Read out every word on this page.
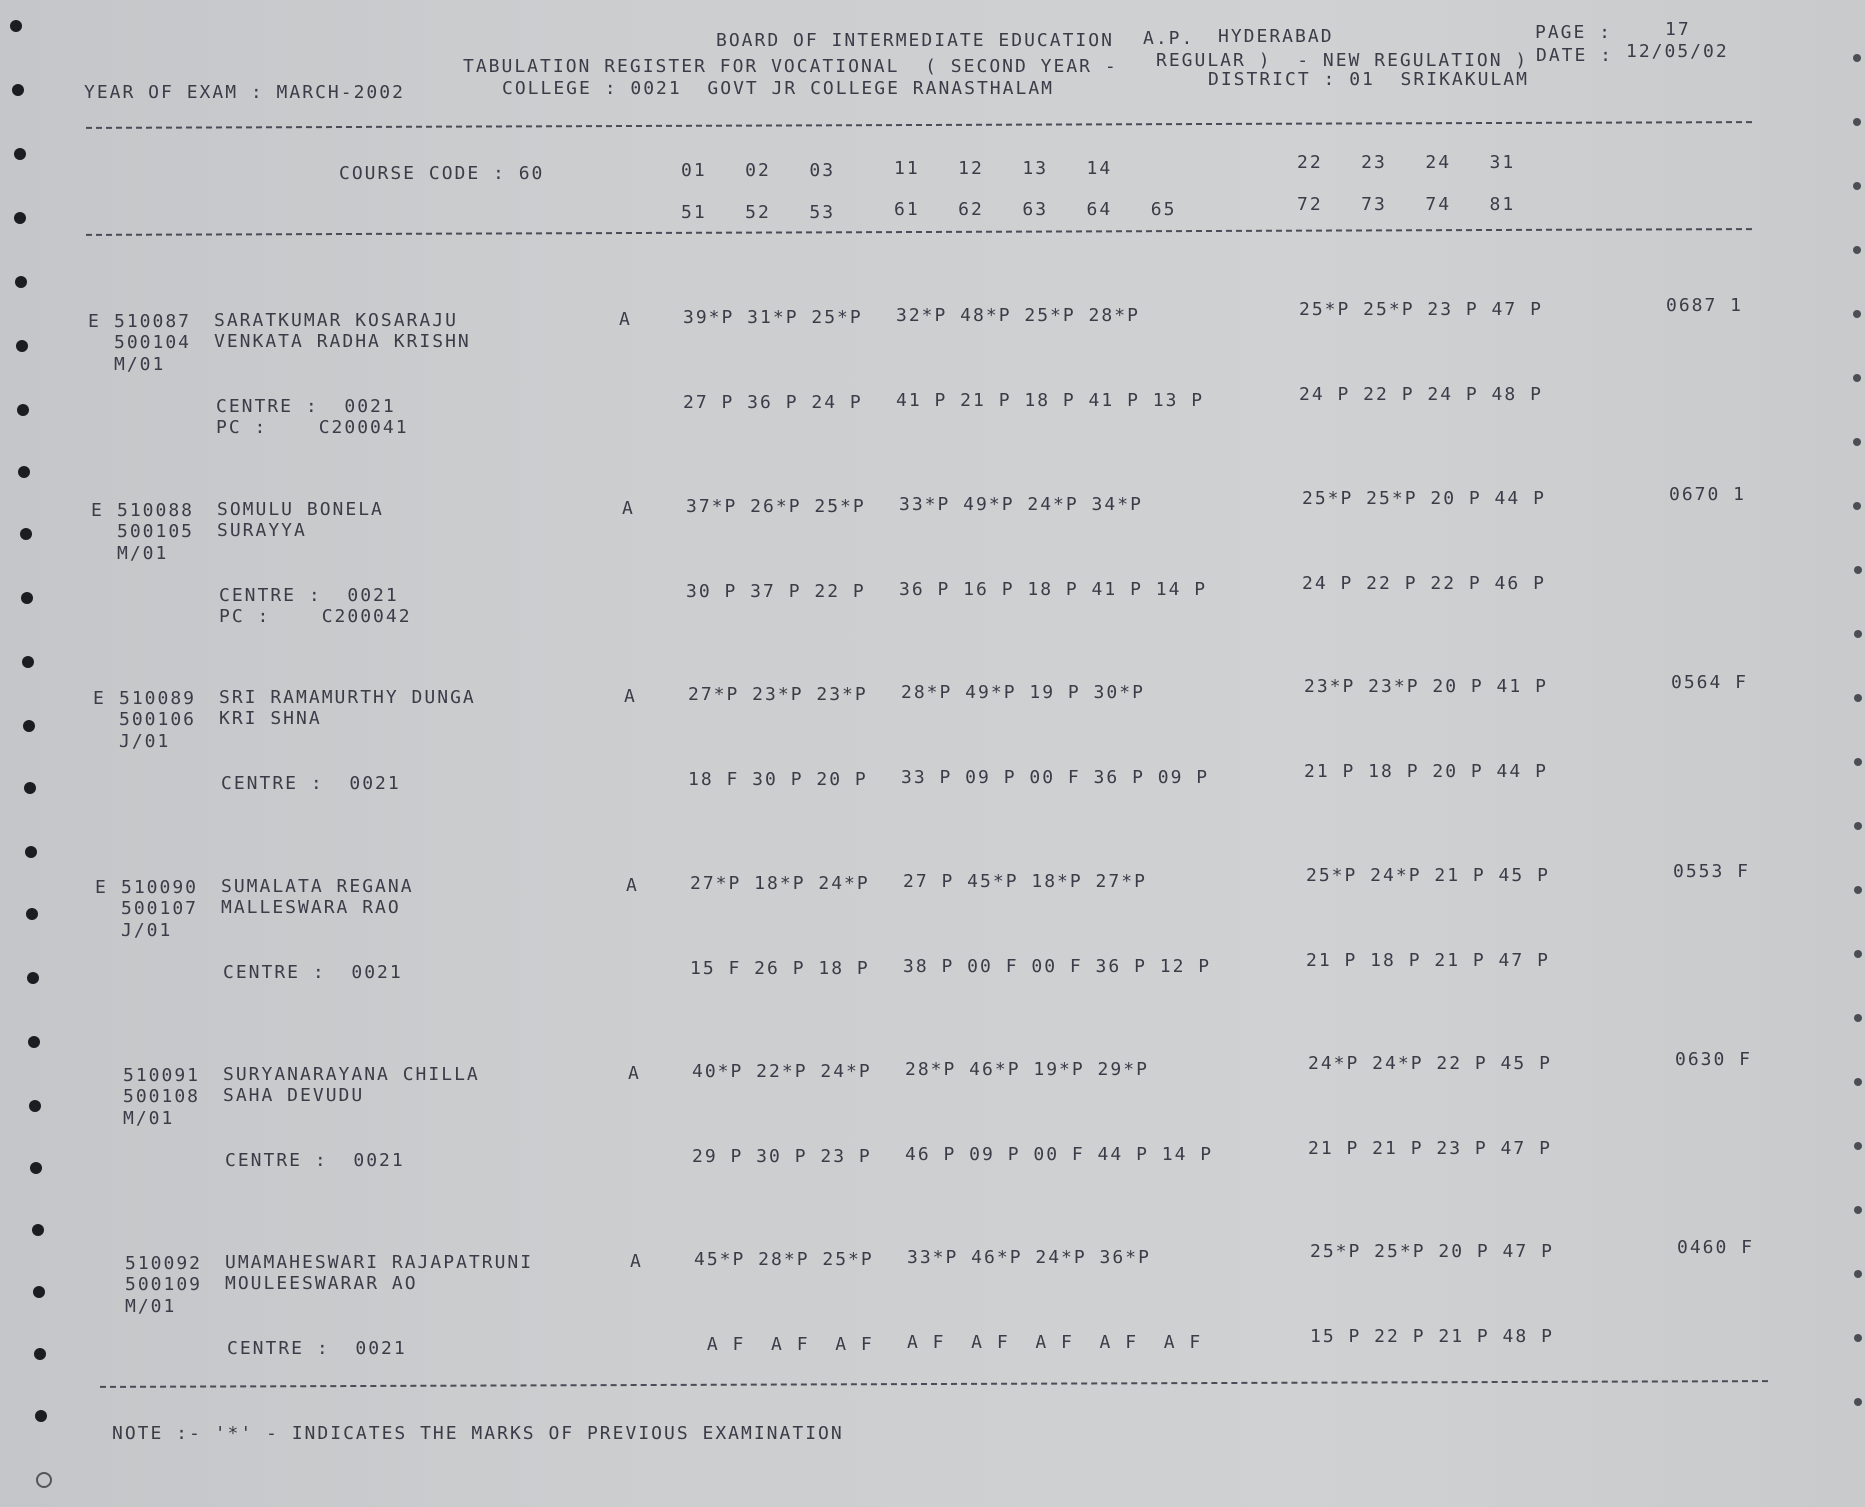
BOARD OF INTERMEDIATE EDUCATION A.P. HYDERABAD	PAGE :	17
TABULATION REGISTER FOR VOCATIONAL  ( SECOND YEAR - REGULAR )  - NEW REGULATION ) DATE : 12/05/02
YEAR OF EXAM : MARCH-2002	COLLEGE : 0021  GOVT JR COLLEGE RANASTHALAM	DISTRICT : 01  SRIKAKULAM
COURSE CODE : 60	01   02   03	11   12   13   14	22   23   24   31
51   52   53	61   62   63   64   65	72   73   74   81
E 510087 SARATKUMAR KOSARAJU
500104 VENKATA RADHA KRISHN
M/01
A	39*P 31*P 25*P 32*P 48*P 25*P 28*P	25*P 25*P 23 P 47 P	0687 1
CENTRE :  0021
PC :    C200041
27 P 36 P 24 P 41 P 21 P 18 P 41 P 13 P	24 P 22 P 24 P 48 P
E 510088 SOMULU BONELA
500105 SURAYYA
M/01
A	37*P 26*P 25*P 33*P 49*P 24*P 34*P	25*P 25*P 20 P 44 P	0670 1
CENTRE :  0021
PC :    C200042
30 P 37 P 22 P 36 P 16 P 18 P 41 P 14 P	24 P 22 P 22 P 46 P
E 510089 SRI RAMAMURTHY DUNGA
500106 KRI SHNA
J/01
A	27*P 23*P 23*P 28*P 49*P 19 P 30*P	23*P 23*P 20 P 41 P	0564 F
CENTRE :  0021	18 F 30 P 20 P 33 P 09 P 00 F 36 P 09 P	21 P 18 P 20 P 44 P
E 510090 SUMALATA REGANA
500107 MALLESWARA RAO
J/01
A	27*P 18*P 24*P 27 P 45*P 18*P 27*P	25*P 24*P 21 P 45 P	0553 F
CENTRE :  0021	15 F 26 P 18 P 38 P 00 F 00 F 36 P 12 P	21 P 18 P 21 P 47 P
510091 SURYANARAYANA CHILLA
500108 SAHA DEVUDU
M/01
A	40*P 22*P 24*P 28*P 46*P 19*P 29*P	24*P 24*P 22 P 45 P	0630 F
CENTRE :  0021	29 P 30 P 23 P 46 P 09 P 00 F 44 P 14 P	21 P 21 P 23 P 47 P
510092 UMAMAHESWARI RAJAPATRUNI
500109 MOULEESWARAR AO
M/01
A	45*P 28*P 25*P 33*P 46*P 24*P 36*P	25*P 25*P 20 P 47 P	0460 F
CENTRE :  0021	A F  A F  A F A F  A F  A F  A F  A F	15 P 22 P 21 P 48 P
NOTE :- '*' - INDICATES THE MARKS OF PREVIOUS EXAMINATION
